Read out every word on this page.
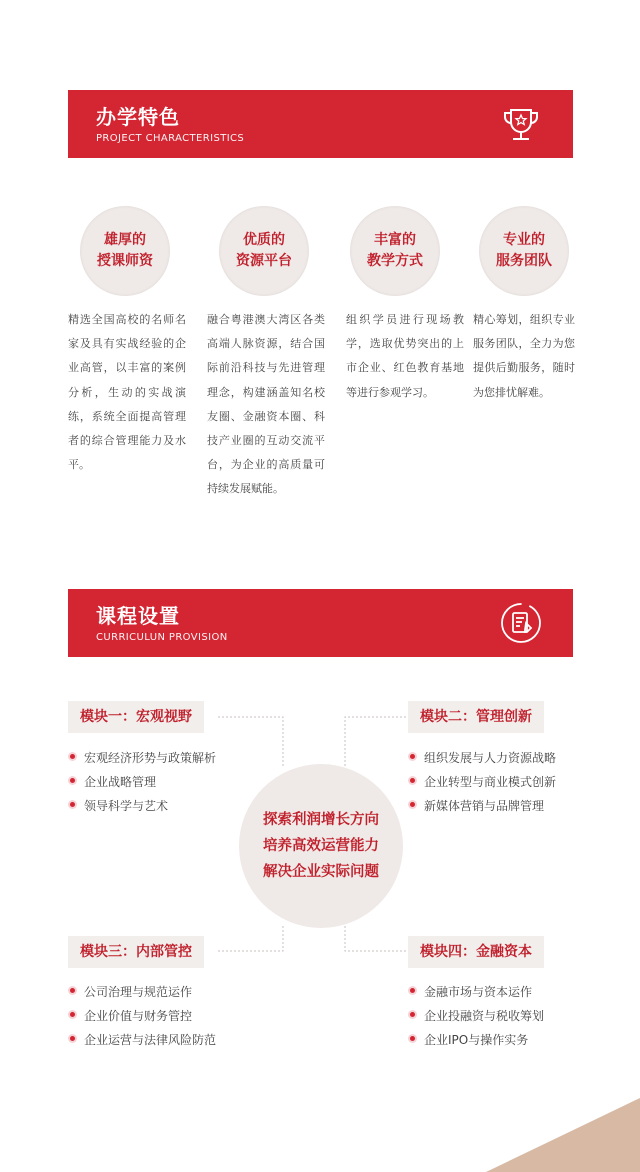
办学特色
PROJECT CHARACTERISTICS
雄厚的
授课师资
优质的
资源平台
丰富的
教学方式
专业的
服务团队
精选全国高校的名师名家及具有实战经验的企业高管，以丰富的案例分析，生动的实战演练，系统全面提高管理者的综合管理能力及水平。
融合粤港澳大湾区各类高端人脉资源，结合国际前沿科技与先进管理理念，构建涵盖知名校友圈、金融资本圈、科技产业圈的互动交流平台，为企业的高质量可持续发展赋能。
组织学员进行现场教学，选取优势突出的上市企业、红色教育基地等进行参观学习。
精心筹划，组织专业服务团队，全力为您提供后勤服务，随时为您排忧解难。
课程设置
CURRICULUN PROVISION
探索利润增长方向
培养高效运营能力
解决企业实际问题
模块一：宏观视野
宏观经济形势与政策解析
企业战略管理
领导科学与艺术
模块二：管理创新
组织发展与人力资源战略
企业转型与商业模式创新
新媒体营销与品牌管理
模块三：内部管控
公司治理与规范运作
企业价值与财务管控
企业运营与法律风险防范
模块四：金融资本
金融市场与资本运作
企业投融资与税收筹划
企业IPO与操作实务
